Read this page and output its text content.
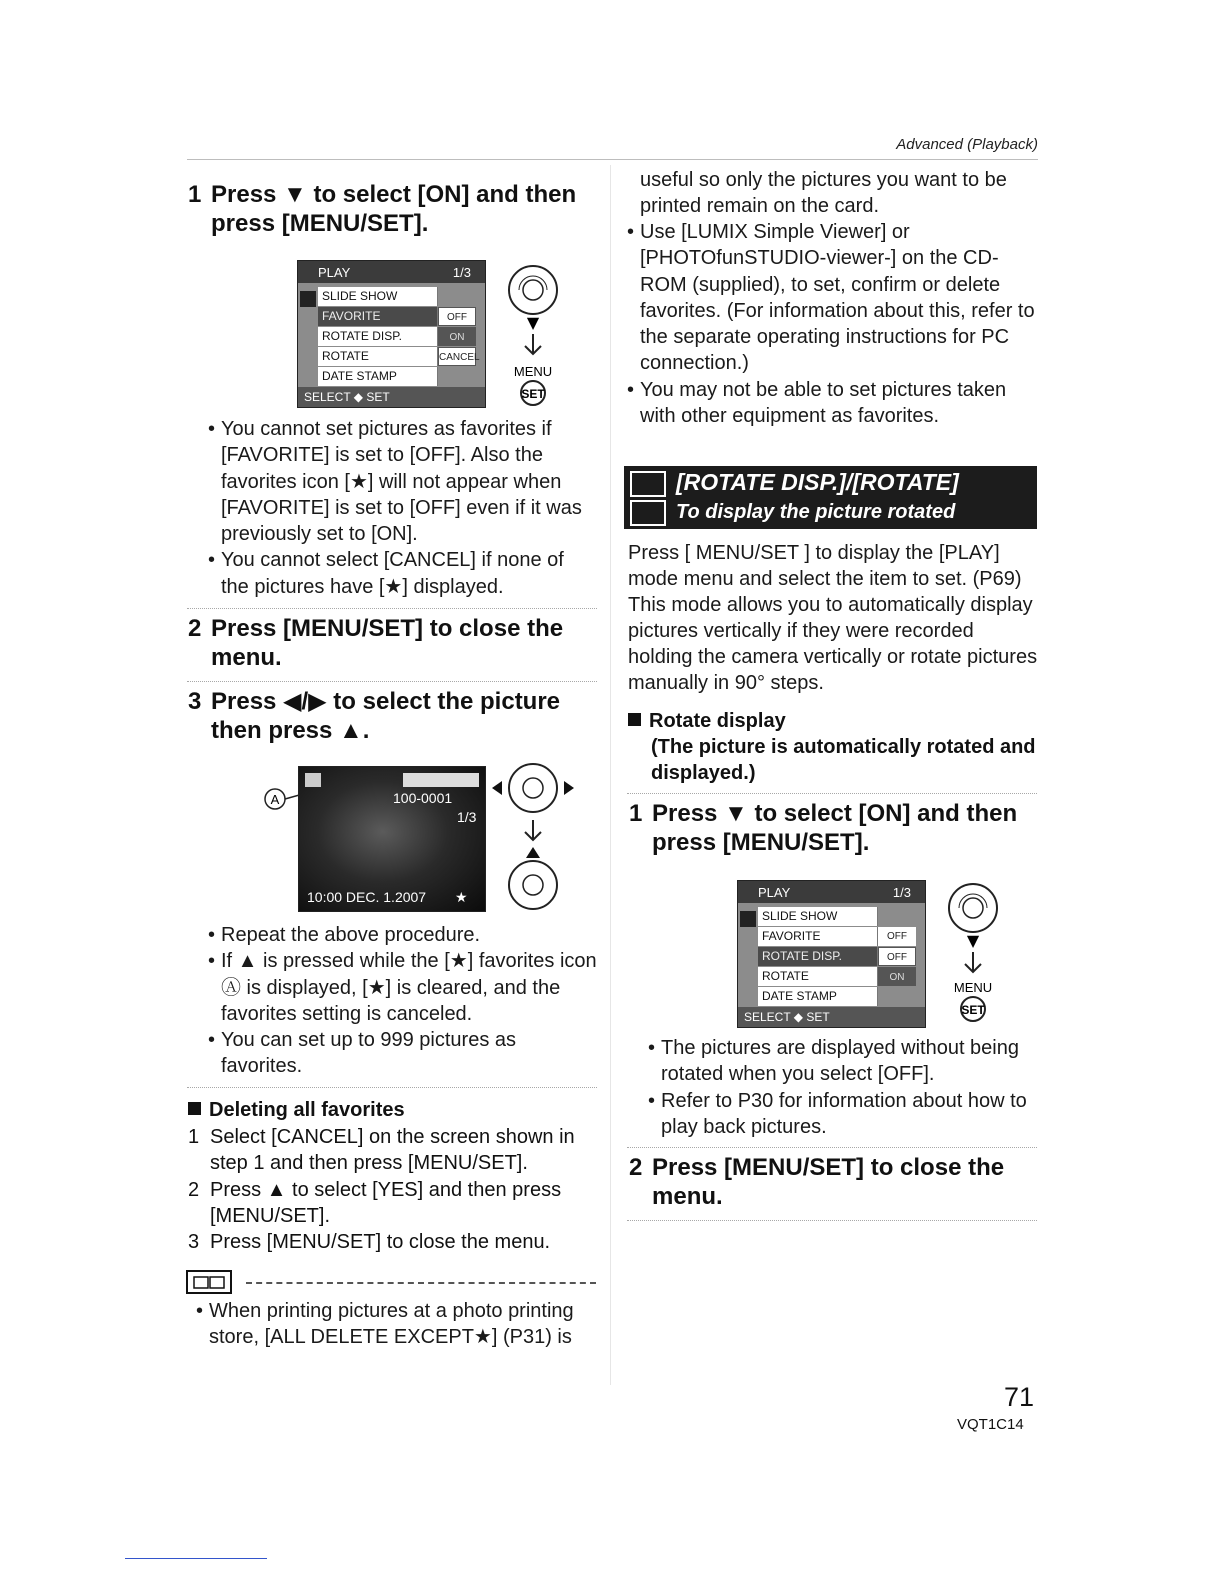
Advanced (Playback)
1 Press ▼ to select [ON] and then press [MENU/SET].
PLAY	1/3
SLIDE SHOW
FAVORITE
ROTATE DISP.
ROTATE
DATE STAMP
OFF
ON
CANCEL
SELECT ◆ SET
▼
MENU
SET
• You cannot set pictures as favorites if [FAVORITE] is set to [OFF]. Also the favorites icon [★] will not appear when [FAVORITE] is set to [OFF] even if it was previously set to [ON].
• You cannot select [CANCEL] if none of the pictures have [★] displayed.
2 Press [MENU/SET] to close the menu.
3 Press ◀/▶ to select the picture then press ▲.
A	100-0001
1/3
10:00 DEC. 1.2007 ★
• Repeat the above procedure.
• If ▲ is pressed while the [★] favorites icon Ⓐ is displayed, [★] is cleared, and the favorites setting is canceled.
• You can set up to 999 pictures as favorites.
Deleting all favorites
1 Select [CANCEL] on the screen shown in step 1 and then press [MENU/SET].
2 Press ▲ to select [YES] and then press [MENU/SET].
3 Press [MENU/SET] to close the menu.
• When printing pictures at a photo printing store, [ALL DELETE EXCEPT★] (P31) is
useful so only the pictures you want to be printed remain on the card.
• Use [LUMIX Simple Viewer] or [PHOTOfunSTUDIO-viewer-] on the CD-ROM (supplied), to set, confirm or delete favorites. (For information about this, refer to the separate operating instructions for PC connection.)
• You may not be able to set pictures taken with other equipment as favorites.
[ROTATE DISP.]/[ROTATE]
To display the picture rotated
Press [ MENU/SET ] to display the [PLAY] mode menu and select the item to set. (P69) This mode allows you to automatically display pictures vertically if they were recorded holding the camera vertically or rotate pictures manually in 90° steps.
Rotate display
(The picture is automatically rotated and displayed.)
1 Press ▼ to select [ON] and then press [MENU/SET].
PLAY	1/3
SLIDE SHOW
FAVORITE
ROTATE DISP.
ROTATE
DATE STAMP
OFF
OFF
ON
SELECT ◆ SET
▼
MENU
SET
• The pictures are displayed without being rotated when you select [OFF].
• Refer to P30 for information about how to play back pictures.
2 Press [MENU/SET] to close the menu.
71
VQT1C14
